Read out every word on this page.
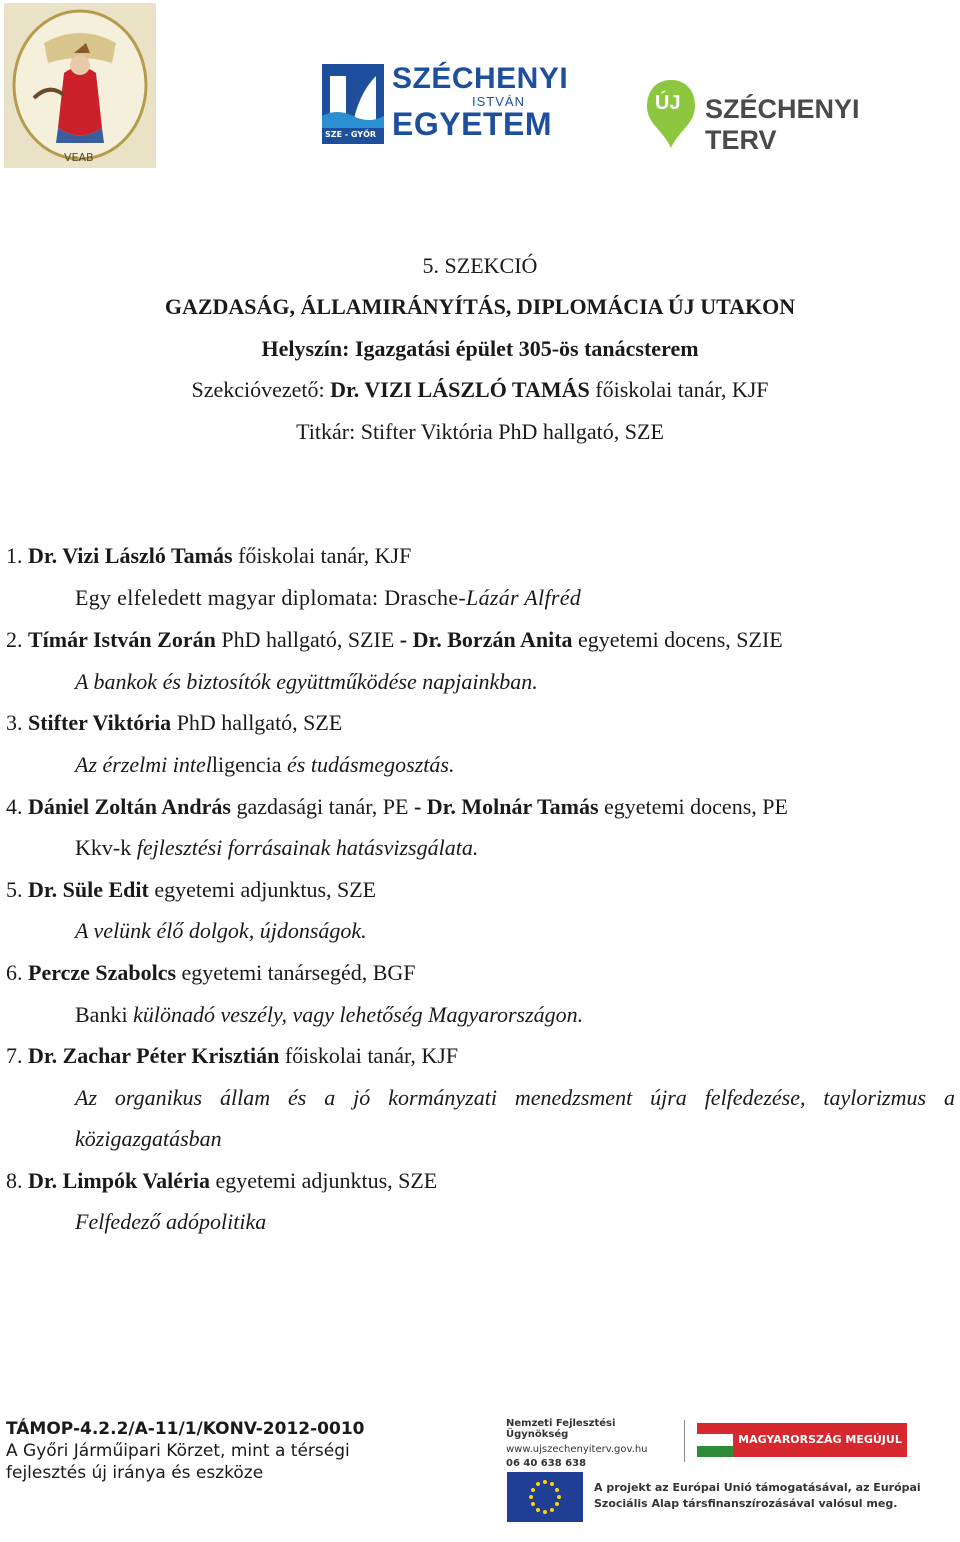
VEAB
SZE - GYŐR
SZÉCHENYI
ISTVÁN
EGYETEM
ÚJ SZÉCHENYI TERV
5. SZEKCIÓ
GAZDASÁG, ÁLLAMIRÁNYÍTÁS, DIPLOMÁCIA ÚJ UTAKON
Helyszín: Igazgatási épület 305-ös tanácsterem
Szekcióvezető: Dr. VIZI LÁSZLÓ TAMÁS főiskolai tanár, KJF
Titkár: Stifter Viktória PhD hallgató, SZE
1. Dr. Vizi László Tamás főiskolai tanár, KJF
Egy elfeledett magyar diplomata: Drasche-Lázár Alfréd
2. Tímár István Zorán PhD hallgató, SZIE - Dr. Borzán Anita egyetemi docens, SZIE
A bankok és biztosítók együttműködése napjainkban.
3. Stifter Viktória PhD hallgató, SZE
Az érzelmi intelligencia és tudásmegosztás.
4. Dániel Zoltán András gazdasági tanár, PE - Dr. Molnár Tamás egyetemi docens, PE
Kkv-k fejlesztési forrásainak hatásvizsgálata.
5. Dr. Süle Edit egyetemi adjunktus, SZE
A velünk élő dolgok, újdonságok.
6. Percze Szabolcs egyetemi tanársegéd, BGF
Banki különadó veszély, vagy lehetőség Magyarországon.
7. Dr. Zachar Péter Krisztián főiskolai tanár, KJF
Az organikus állam és a jó kormányzati menedzsment újra felfedezése, taylorizmus a
közigazgatásban
8. Dr. Limpók Valéria egyetemi adjunktus, SZE
Felfedező adópolitika
TÁMOP-4.2.2/A-11/1/KONV-2012-0010
A Győri Járműipari Körzet, mint a térségi
fejlesztés új iránya és eszköze
Nemzeti Fejlesztési Ügynökség
www.ujszechenyiterv.gov.hu
06 40 638 638
MAGYARORSZÁG MEGÚJUL
A projekt az Európai Unió támogatásával, az Európai
Szociális Alap társfinanszírozásával valósul meg.
